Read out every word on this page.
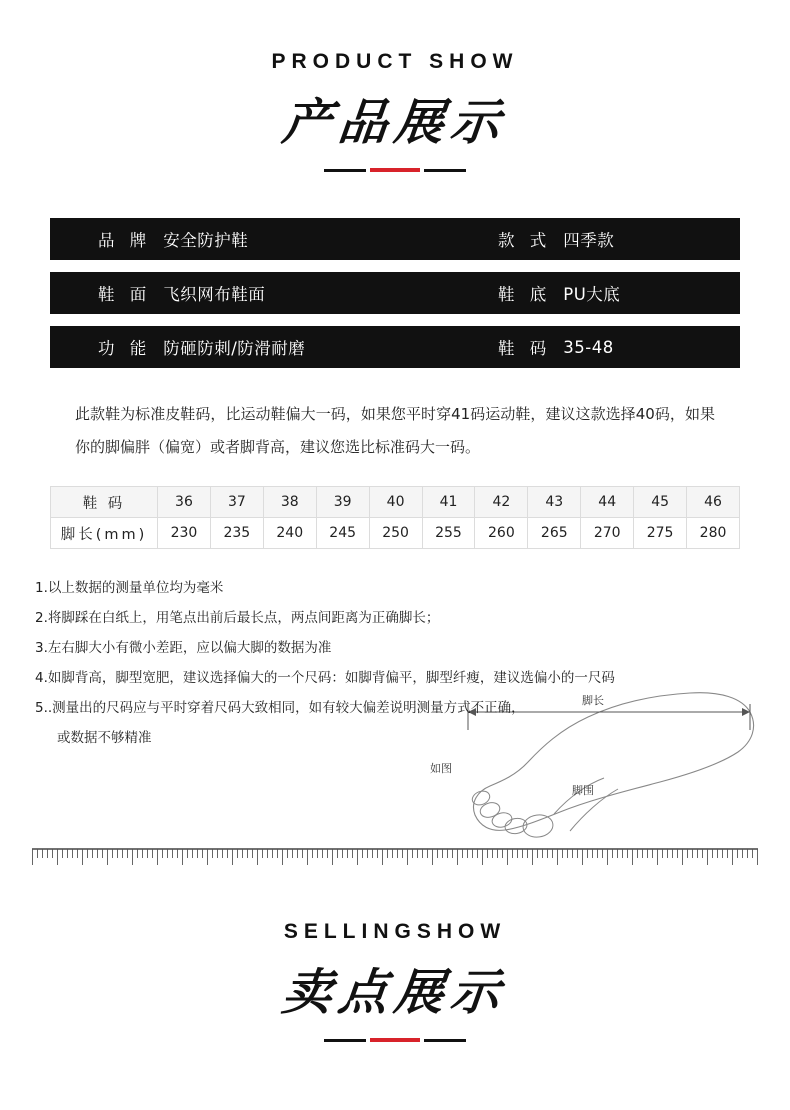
PRODUCT SHOW

产品展示

品 牌 安全防护鞋	款 式 四季款
鞋 面 飞织网布鞋面	鞋 底 PU大底
功 能 防砸防刺/防滑耐磨	鞋 码 35-48
此款鞋为标准皮鞋码，比运动鞋偏大一码，如果您平时穿41码运动鞋，建议这款选择40码，如果你的脚偏胖（偏宽）或者脚背高，建议您选比标准码大一码。
鞋 码	36	37	38	39	40	41	42	43	44	45	46
脚长(mm)	230	235	240	245	250	255	260	265	270	275	280
1.以上数据的测量单位均为毫米
2.将脚踩在白纸上，用笔点出前后最长点，两点间距离为正确脚长；
3.左右脚大小有微小差距，应以偏大脚的数据为准
4.如脚背高，脚型宽肥，建议选择偏大的一个尺码：如脚背偏平，脚型纤瘦，建议选偏小的一尺码
5..测量出的尺码应与平时穿着尺码大致相同，如有较大偏差说明测量方式不正确，
或数据不够精准
如图
脚长
脚围

SELLINGSHOW

卖点展示
